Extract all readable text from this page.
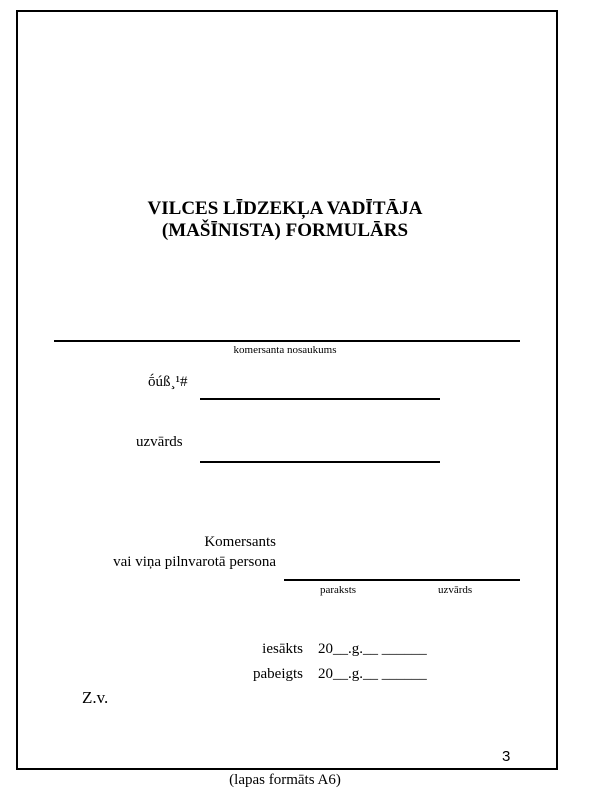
VILCES LĪDZEKĻA VADĪTĀJA
(MAŠĪNISTA) FORMULĀRS
komersanta nosaukums
ṓúß¸¹#
uzvārds
Komersants
vai viņa pilnvarotā persona
paraksts	uzvārds
iesākts 20__.g.__ ______
pabeigts 20__.g.__ ______
Z.v.
3
(lapas formāts A6)
